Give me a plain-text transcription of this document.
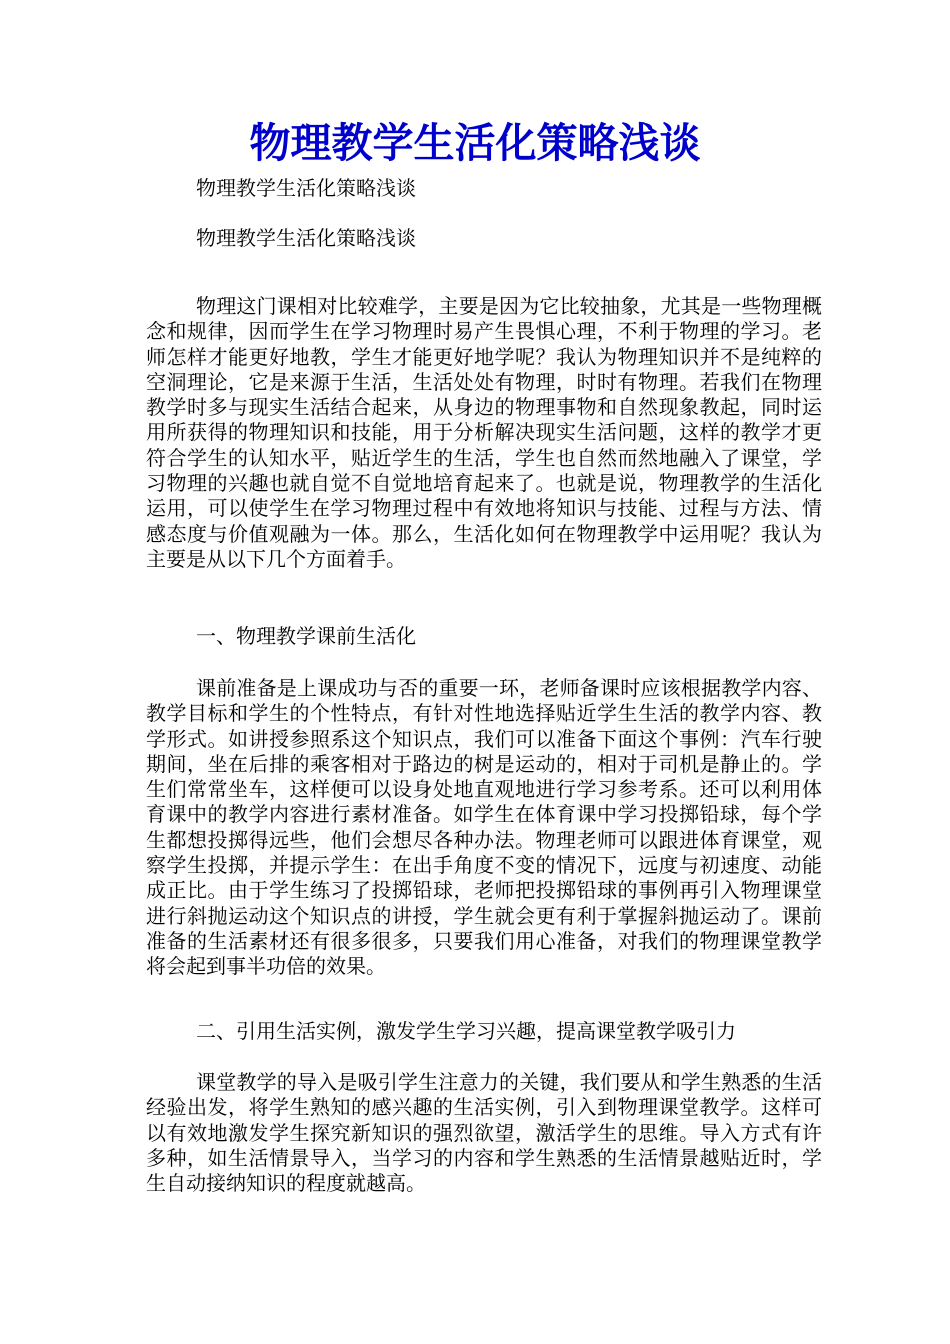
物理教学生活化策略浅谈

物理教学生活化策略浅谈

物理教学生活化策略浅谈

物理这门课相对比较难学，主要是因为它比较抽象，尤其是一些物理概念和规律，因而学生在学习物理时易产生畏惧心理，不利于物理的学习。老师怎样才能更好地教，学生才能更好地学呢？我认为物理知识并不是纯粹的空洞理论，它是来源于生活，生活处处有物理，时时有物理。若我们在物理教学时多与现实生活结合起来，从身边的物理事物和自然现象教起，同时运用所获得的物理知识和技能，用于分析解决现实生活问题，这样的教学才更符合学生的认知水平，贴近学生的生活，学生也自然而然地融入了课堂，学习物理的兴趣也就自觉不自觉地培育起来了。也就是说，物理教学的生活化运用，可以使学生在学习物理过程中有效地将知识与技能、过程与方法、情感态度与价值观融为一体。那么，生活化如何在物理教学中运用呢？我认为主要是从以下几个方面着手。

一、物理教学课前生活化

课前准备是上课成功与否的重要一环，老师备课时应该根据教学内容、教学目标和学生的个性特点，有针对性地选择贴近学生生活的教学内容、教学形式。如讲授参照系这个知识点，我们可以准备下面这个事例：汽车行驶期间，坐在后排的乘客相对于路边的树是运动的，相对于司机是静止的。学生们常常坐车，这样便可以设身处地直观地进行学习参考系。还可以利用体育课中的教学内容进行素材准备。如学生在体育课中学习投掷铅球，每个学生都想投掷得远些，他们会想尽各种办法。物理老师可以跟进体育课堂，观察学生投掷，并提示学生：在出手角度不变的情况下，远度与初速度、动能成正比。由于学生练习了投掷铅球，老师把投掷铅球的事例再引入物理课堂进行斜抛运动这个知识点的讲授，学生就会更有利于掌握斜抛运动了。课前准备的生活素材还有很多很多，只要我们用心准备，对我们的物理课堂教学将会起到事半功倍的效果。

二、引用生活实例，激发学生学习兴趣，提高课堂教学吸引力

课堂教学的导入是吸引学生注意力的关键，我们要从和学生熟悉的生活经验出发，将学生熟知的感兴趣的生活实例，引入到物理课堂教学。这样可以有效地激发学生探究新知识的强烈欲望，激活学生的思维。导入方式有许多种，如生活情景导入，当学习的内容和学生熟悉的生活情景越贴近时，学生自动接纳知识的程度就越高。
